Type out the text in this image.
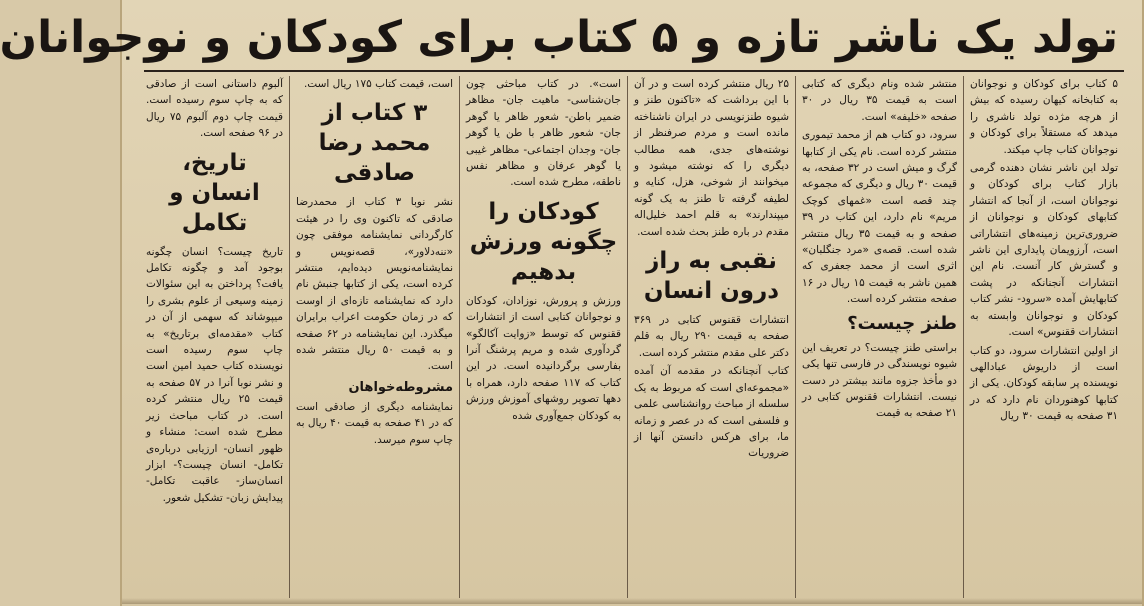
تولد یک ناشر تازه و ۵ کتاب برای کودکان و نوجوانان

۵ کتاب برای کودکان و نوجوانان به کتابخانه کیهان رسیده که بیش از هرچه مژده تولد ناشری را میدهد که مستقلاً برای کودکان و نوجوانان کتاب چاپ میکند.

تولد این ناشر نشان دهنده گرمی بازار کتاب برای کودکان و نوجوانان است، از آنجا که انتشار کتابهای کودکان و نوجوانان از ضروری‌ترین زمینه‌های انتشاراتی است، آرزویمان پایداری این ناشر و گسترش کار آنست. نام این انتشارات آنجنانکه در پشت کتابهایش آمده «سرود- نشر کتاب کودکان و نوجوانان وابسته به انتشارات ققنوس» است.

از اولین انتشارات سرود، دو کتاب است از داریوش عبادالهی نویسنده پر سابقه کودکان. یکی از کتابها کوهنوردان نام دارد که در ۳۱ صفحه به قیمت ۳۰ ریال

منتشر شده ونام دیگری که کتابی است به قیمت ۳۵ ریال در ۳۰ صفحه «خلیفه» است.

سرود، دو کتاب هم از محمد تیموری منتشر کرده است. نام یکی از کتابها گرگ و میش است در ۳۲ صفحه، به قیمت ۳۰ ریال و دیگری که مجموعه چند قصه است «غمهای کوچک مریم» نام دارد، این کتاب در ۳۹ صفحه و به قیمت ۳۵ ریال منتشر شده است. قصه‌ی «مرد جنگلبان» اثری است از محمد جعفری که همین ناشر به قیمت ۱۵ ریال در ۱۶ صفحه منتشر کرده است.

طنز چیست؟

براستی طنز چیست؟ در تعریف این شیوه نویسندگی در فارسی تنها یکی دو مأخذ جزوه مانند بیشتر در دست نیست. انتشارات ققنوس کتابی در ۲۱ صفحه به قیمت

۲۵ ریال منتشر کرده است و در آن با این برداشت که «تاکنون طنز و شیوه طنزنویسی در ایران ناشناخته مانده است و مردم صرفنظر از نوشته‌های جدی، همه مطالب دیگری را که نوشته میشود و میخوانند از شوخی، هزل، کنایه و لطیفه گرفته تا طنز به یک گونه میپندارند» به قلم احمد خلیل‌اله مقدم در باره طنز بحث شده است.

نقبی به راز درون انسان

انتشارات ققنوس کتابی در ۳۶۹ صفحه به قیمت ۲۹۰ ریال به قلم دکتر علی مقدم منتشر کرده است.

کتاب آنچنانکه در مقدمه آن آمده «مجموعه‌ای است که مربوط به یک سلسله از مباحث روانشناسی علمی و فلسفی است که در عصر و زمانه ما، برای هرکس دانستن آنها از ضروریات

است». در کتاب مباحثی چون جان‌شناسی- ماهیت جان- مظاهر ضمیر باطن- شعور ظاهر یا گوهر جان- شعور ظاهر با طن یا گوهر جان- وجدان اجتماعی- مظاهر غیبی یا گوهر عرفان و مظاهر نفس ناطقه، مطرح شده است.

کودکان را چگونه ورزش بدهیم

ورزش و پرورش، نوزادان، کودکان و نوجوانان کتابی است از انتشارات ققنوس که توسط «زوایت آکالگو» گردآوری شده و مریم پرشنگ آنرا بفارسی برگردانیده است. در این کتاب که ۱۱۷ صفحه دارد، همراه با دهها تصویر روشهای آموزش ورزش به کودکان جمع‌آوری شده

است، قیمت کتاب ۱۷۵ ریال است.

۳ کتاب از محمد رضا صادقی

نشر نوبا ۳ کتاب از محمدرضا صادقی که تاکنون وی را در هیئت کارگردانی نمایشنامه موفقی چون «ننه‌دلاور»، قصه‌نویس و نمایشنامه‌نویس دیده‌ایم، منتشر کرده است، یکی از کتابها جنبش نام دارد که نمایشنامه تازه‌ای از اوست که در زمان حکومت اعراب برایران میگذرد. این نمایشنامه در ۶۲ صفحه و به قیمت ۵۰ ریال منتشر شده است.

مشروطه‌خواهان

نمایشنامه دیگری از صادقی است که در ۴۱ صفحه به قیمت ۴۰ ریال به چاپ سوم میرسد.

آلبوم داستانی است از صادقی که به چاپ سوم رسیده است. قیمت چاپ دوم آلبوم ۷۵ ریال در ۹۶ صفحه است.

تاریخ، انسان و تکامل

تاریخ چیست؟ انسان چگونه بوجود آمد و چگونه تکامل یافت؟ پرداختن به این سئوالات زمینه وسیعی از علوم بشری را میپوشاند که سهمی از آن در کتاب «مقدمه‌ای برتاریخ» به چاپ سوم رسیده است نویسنده کتاب حمید امین است و نشر نوبا آنرا در ۵۷ صفحه به قیمت ۲۵ ریال منتشر کرده است. در کتاب مباحث زیر مطرح شده است: منشاء و ظهور انسان- ارزیابی درباره‌ی تکامل- انسان چیست؟- ابزار انسان‌ساز- عاقبت تکامل- پیدایش زبان- تشکیل شعور.
